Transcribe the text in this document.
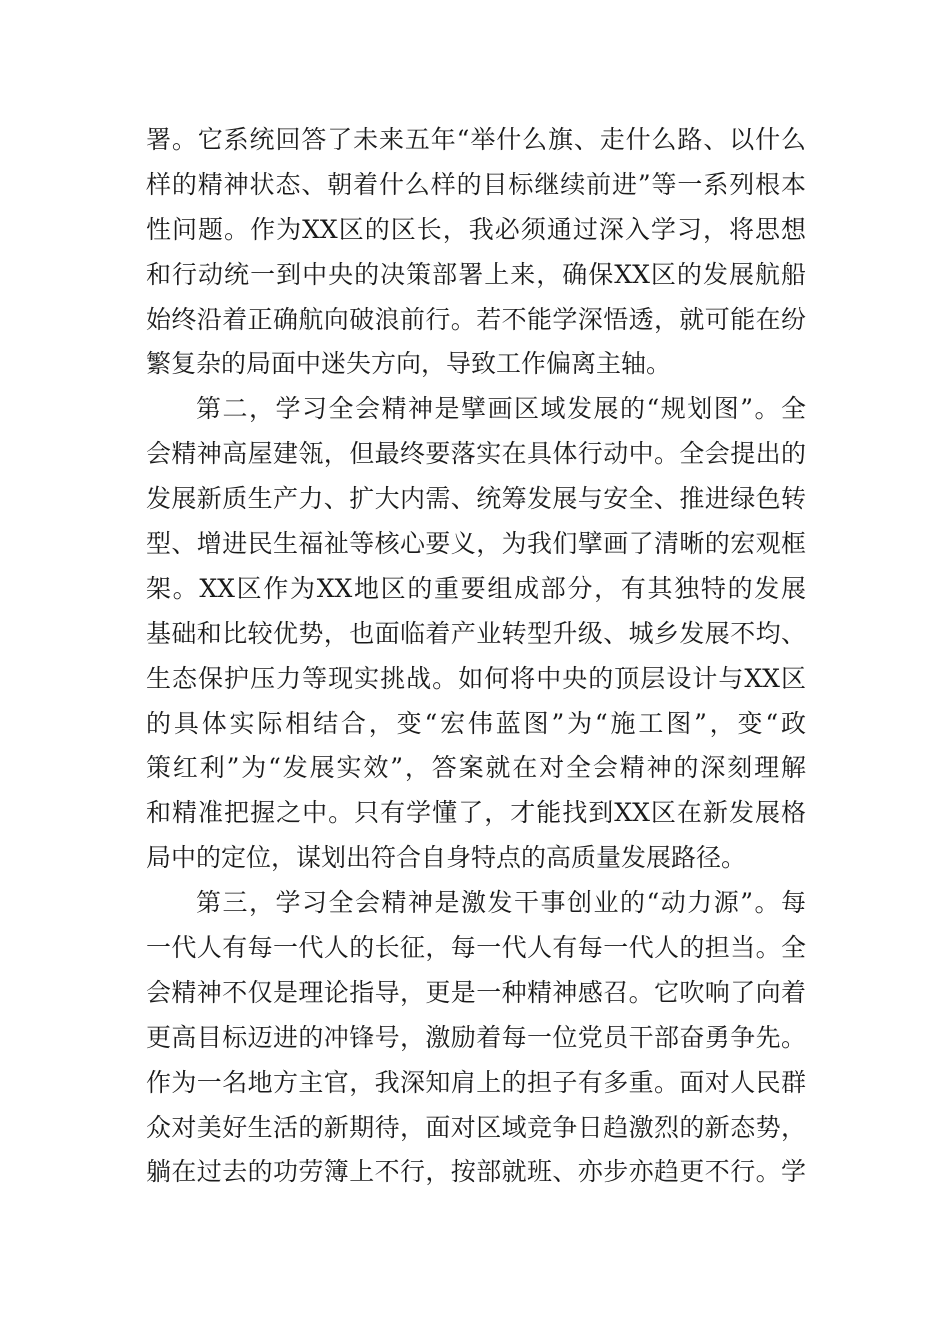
署。它系统回答了未来五年“举什么旗、走什么路、以什么
样的精神状态、朝着什么样的目标继续前进”等一系列根本
性问题。作为XX区的区长，我必须通过深入学习，将思想
和行动统一到中央的决策部署上来，确保XX区的发展航船
始终沿着正确航向破浪前行。若不能学深悟透，就可能在纷
繁复杂的局面中迷失方向，导致工作偏离主轴。
第二，学习全会精神是擘画区域发展的“规划图”。全
会精神高屋建瓴，但最终要落实在具体行动中。全会提出的
发展新质生产力、扩大内需、统筹发展与安全、推进绿色转
型、增进民生福祉等核心要义，为我们擘画了清晰的宏观框
架。XX区作为XX地区的重要组成部分，有其独特的发展
基础和比较优势，也面临着产业转型升级、城乡发展不均、
生态保护压力等现实挑战。如何将中央的顶层设计与XX区
的具体实际相结合，变“宏伟蓝图”为“施工图”，变“政
策红利”为“发展实效”，答案就在对全会精神的深刻理解
和精准把握之中。只有学懂了，才能找到XX区在新发展格
局中的定位，谋划出符合自身特点的高质量发展路径。
第三，学习全会精神是激发干事创业的“动力源”。每
一代人有每一代人的长征，每一代人有每一代人的担当。全
会精神不仅是理论指导，更是一种精神感召。它吹响了向着
更高目标迈进的冲锋号，激励着每一位党员干部奋勇争先。
作为一名地方主官，我深知肩上的担子有多重。面对人民群
众对美好生活的新期待，面对区域竞争日趋激烈的新态势，
躺在过去的功劳簿上不行，按部就班、亦步亦趋更不行。学
